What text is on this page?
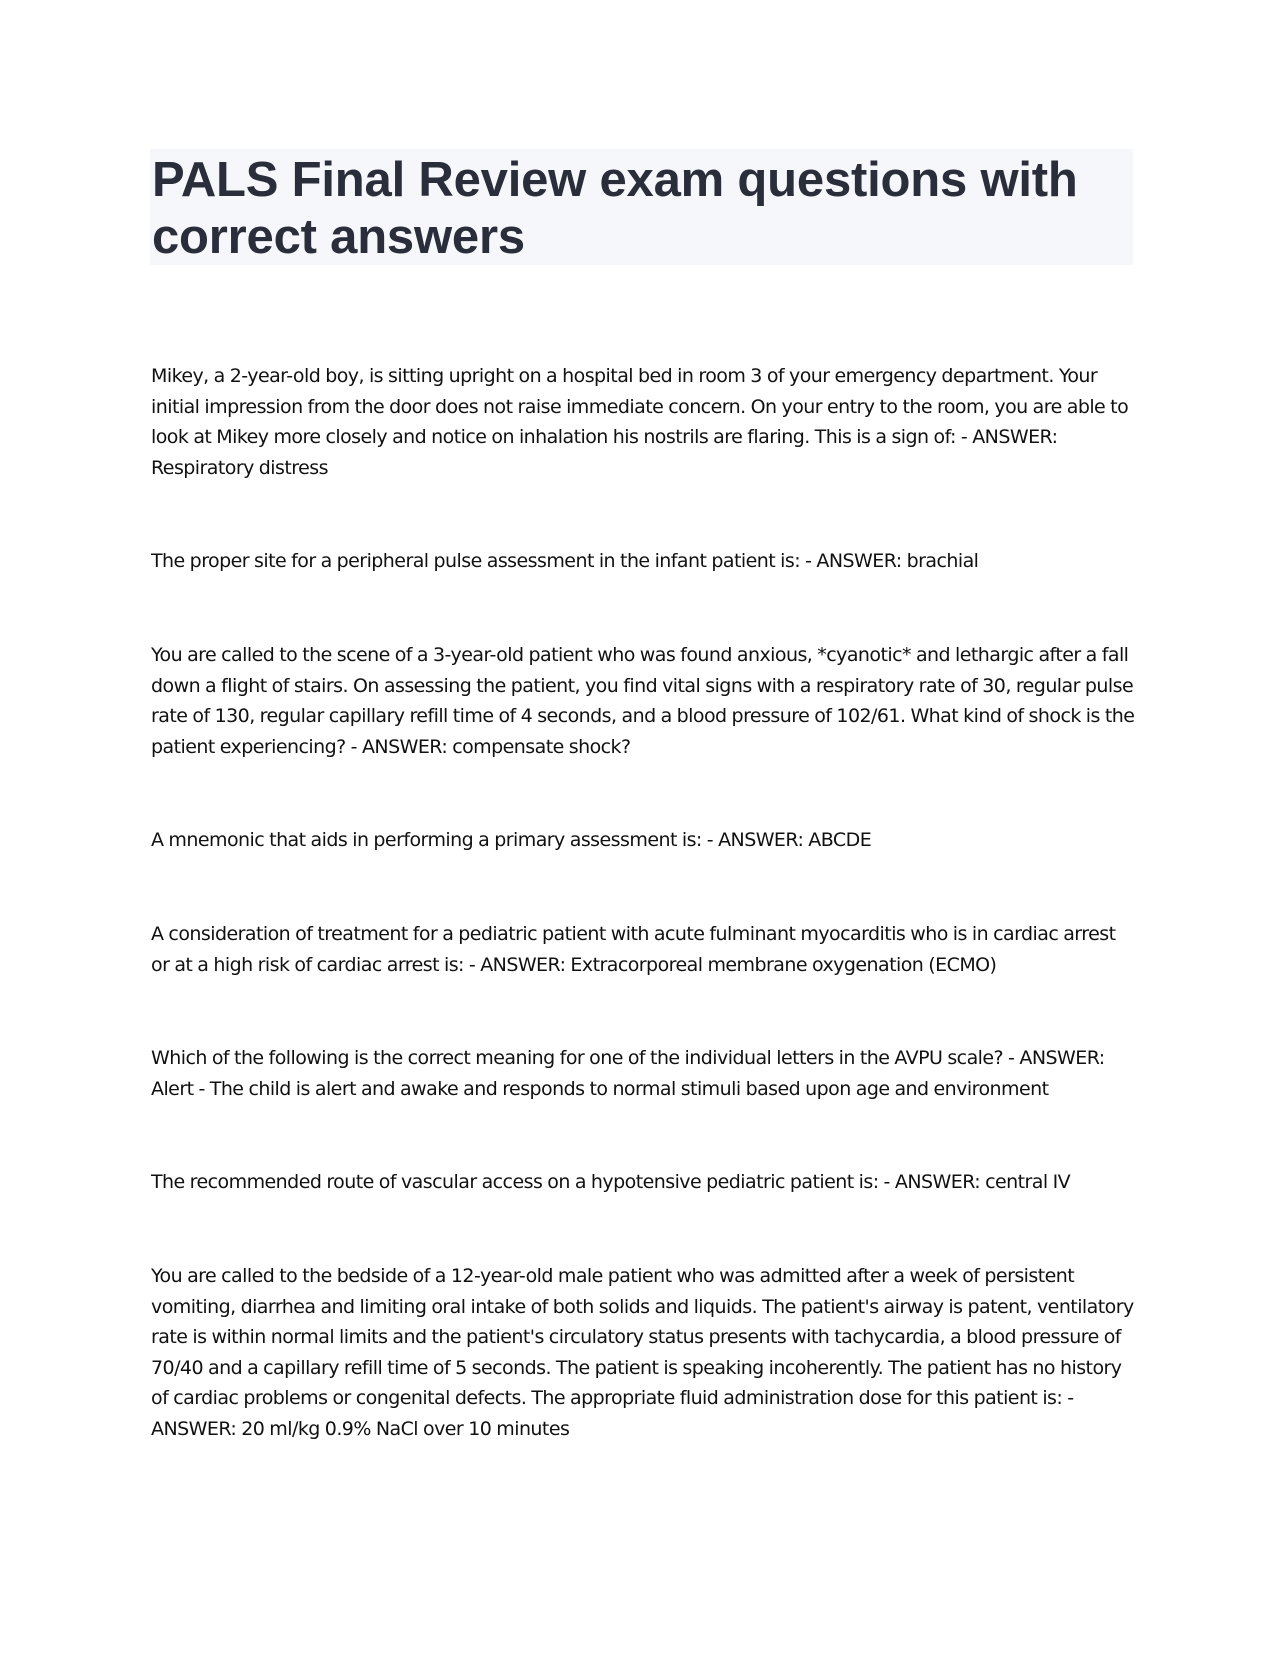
PALS Final Review exam questions with correct answers

Mikey, a 2-year-old boy, is sitting upright on a hospital bed in room 3 of your emergency department. Your initial impression from the door does not raise immediate concern. On your entry to the room, you are able to look at Mikey more closely and notice on inhalation his nostrils are flaring. This is a sign of: - ANSWER: Respiratory distress

The proper site for a peripheral pulse assessment in the infant patient is: - ANSWER: brachial

You are called to the scene of a 3-year-old patient who was found anxious, *cyanotic* and lethargic after a fall down a flight of stairs. On assessing the patient, you find vital signs with a respiratory rate of 30, regular pulse rate of 130, regular capillary refill time of 4 seconds, and a blood pressure of 102/61. What kind of shock is the patient experiencing? - ANSWER: compensate shock?

A mnemonic that aids in performing a primary assessment is: - ANSWER: ABCDE

A consideration of treatment for a pediatric patient with acute fulminant myocarditis who is in cardiac arrest or at a high risk of cardiac arrest is: - ANSWER: Extracorporeal membrane oxygenation (ECMO)

Which of the following is the correct meaning for one of the individual letters in the AVPU scale? - ANSWER: Alert - The child is alert and awake and responds to normal stimuli based upon age and environment

The recommended route of vascular access on a hypotensive pediatric patient is: - ANSWER: central IV

You are called to the bedside of a 12-year-old male patient who was admitted after a week of persistent vomiting, diarrhea and limiting oral intake of both solids and liquids. The patient's airway is patent, ventilatory rate is within normal limits and the patient's circulatory status presents with tachycardia, a blood pressure of 70/40 and a capillary refill time of 5 seconds. The patient is speaking incoherently. The patient has no history of cardiac problems or congenital defects. The appropriate fluid administration dose for this patient is: - ANSWER: 20 ml/kg 0.9% NaCl over 10 minutes
